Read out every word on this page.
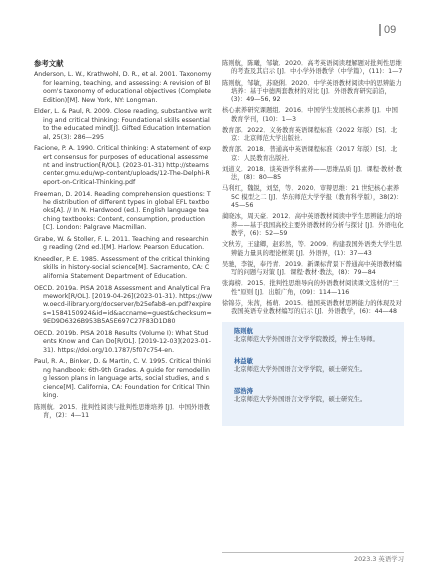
09
参考文献
Anderson, L. W., Krathwohl, D. R., et al. 2001. Taxonomy for learning, teaching, and assessing: A revision of Bloom's taxonomy of educational objectives (Complete Edition)[M]. New York, NY: Longman.
Elder, L. & Paul, R. 2009. Close reading, substantive writing and critical thinking: Foundational skills essential to the educated mind[J]. Gifted Education International, 25(3): 286—295
Facione, P. A. 1990. Critical thinking: A statement of expert consensus for purposes of educational assessment and instruction[R/OL]. (2023-01-31) http://stearnscenter.gmu.edu/wp-content/uploads/12-The-Delphi-Report-on-Critical-Thinking.pdf
Freeman, D. 2014. Reading comprehension questions: The distribution of different types in global EFL textbooks[A]. // In N. Hardwood (ed.). English language teaching textbooks: Content, consumption, production[C]. London: Palgrave Macmillan.
Grabe, W. & Stoller, F. L. 2011. Teaching and researching reading (2nd ed.)[M]. Harlow: Pearson Education.
Kneedler, P. E. 1985. Assessment of the critical thinking skills in history-social science[M]. Sacramento, CA: California Statement Department of Education.
OECD. 2019a. PISA 2018 Assessment and Analytical Framework[R/OL]. [2019-04-26](2023-01-31). https://www.oecd-ilibrary.org/docserver/b25efab8-en.pdf?expires=1584150924&id=id&accname=guest&checksum=9ED9D6326B953B5A5E697C27F83D1D80
OECD. 2019b. PISA 2018 Results (Volume I): What Students Know and Can Do[R/OL]. [2019-12-03](2023-01-31). https://doi.org/10.1787/5f07c754-en.
Paul, R. A., Binker, D. & Martin, C. V. 1995. Critical thinking handbook: 6th-9th Grades. A guide for remodelling lesson plans in language arts, social studies, and science[M]. California, CA: Foundation for Critical Thinking.
陈则航．2015．批判性阅读与批判性思维培养 [J]．中国外语教育，(2)：4—11
陈则航，陈曦，邹敏．2020．高考英语阅读理解题对批判性思维的考查及其启示 [J]．中小学外语教学（中学篇），(11)：1—7
陈则航，邹敏，苏晓俐．2020．中学英语教材阅读中的思辨能力培养：基于中德两套教材的对比 [J]．外语教育研究前沿，(3)：49—56, 92
核心素养研究课题组．2016．中国学生发展核心素养 [J]．中国教育学刊，(10)：1—3
教育部．2022．义务教育英语课程标准（2022 年版）[S]．北京：北京师范大学出版社．
教育部．2018．普通高中英语课程标准（2017 年版）[S]．北京：人民教育出版社．
刘道义．2018．谈英语学科素养——思维品质 [J]．课程·教材·教法，(8)：80—85
马利红，魏锐，刘坚，等．2020．审辩思维：21 世纪核心素养 5C 模型之二 [J]．华东师范大学学报（教育科学版），38(2)：45—56
蔺晓冰，周天豪．2012．高中英语教材阅读中学生思辨能力的培养——基于我国高校主要外语教材的分析与探讨 [J]．外语电化教学，(6)：52—59
文秋芳，王建卿，赵彩然，等．2009．构建我国外语类大学生思辨能力量具的理论框架 [J]．外语界，(1)：37—43
吴驰，李锐，奉丹青．2019．新课标背景下普通高中英语教材编写的问题与对策 [J]．课程·教材·教法，(8)：79—84
张海榜．2015．批判性思维导向的外语教材阅读课文选材的“三性”原则 [J]．出版广角，(09)：114—116
徐锦芬，朱茜，杨萌．2015．德国英语教材思辨能力的体现及对我国英语专业教材编写的启示 [J]．外语教学，(6)：44—48
陈则航
北京师范大学外国语言文学学院教授，博士生导师。
林益敏
北京师范大学外国语言文学学院，硕士研究生。
邵浩涛
北京师范大学外国语言文学学院，硕士研究生。
2023.3 英语学习
